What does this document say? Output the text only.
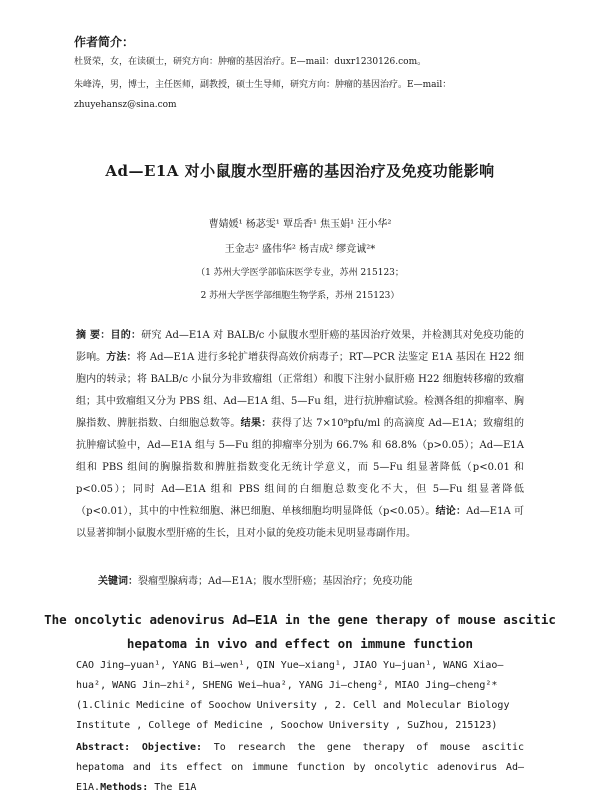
作者简介：
杜贤荣，女，在读硕士，研究方向：肿瘤的基因治疗。E—mail：duxr1230126.com。
朱峰涛，男，博士，主任医师，副教授，硕士生导师，研究方向：肿瘤的基因治疗。E—mail：
zhuyehansz@sina.com
Ad—E1A 对小鼠腹水型肝癌的基因治疗及免疫功能影响
曹婧媛¹ 杨苾雯¹ 覃岳香¹ 焦玉娟¹ 汪小华²
王金志² 盛伟华² 杨吉成² 缪竞诚²*
（1 苏州大学医学部临床医学专业，苏州 215123；
2 苏州大学医学部细胞生物学系，苏州 215123）
摘 要：目的：研究 Ad—E1A 对 BALB/c 小鼠腹水型肝癌的基因治疗效果，并检测其对免疫功能的影响。方法：将 Ad—E1A 进行多轮扩增获得高效价病毒子；RT—PCR 法鉴定 E1A 基因在 H22 细胞内的转录；将 BALB/c 小鼠分为非致瘤组（正常组）和腹下注射小鼠肝癌 H22 细胞转移瘤的致瘤组；其中致瘤组又分为 PBS 组、Ad—E1A 组、5—Fu 组，进行抗肿瘤试验。检测各组的抑瘤率、胸腺指数、脾脏指数、白细胞总数等。结果：获得了达 7×10⁹pfu/ml 的高滴度 Ad—E1A；致瘤组的抗肿瘤试验中，Ad—E1A 组与 5—Fu 组的抑瘤率分别为 66.7% 和 68.8%（p>0.05）；Ad—E1A 组和 PBS 组间的胸腺指数和脾脏指数变化无统计学意义，而 5—Fu 组显著降低（p<0.01 和 p<0.05）；同时 Ad—E1A 组和 PBS 组间的白细胞总数变化不大，但 5—Fu 组显著降低（p<0.01），其中的中性粒细胞、淋巴细胞、单核细胞均明显降低（p<0.05）。结论：Ad—E1A 可以显著抑制小鼠腹水型肝癌的生长，且对小鼠的免疫功能未见明显毒副作用。
关键词：裂瘤型腺病毒；Ad—E1A；腹水型肝癌；基因治疗；免疫功能
The oncolytic adenovirus Ad—E1A in the gene therapy of mouse ascitic
hepatoma in vivo and effect on immune function
CAO Jing—yuan¹, YANG Bi—wen¹, QIN Yue—xiang¹, JIAO Yu—juan¹, WANG Xiao—
hua², WANG Jin—zhi², SHENG Wei—hua², YANG Ji—cheng², MIAO Jing—cheng²*
(1.Clinic Medicine of Soochow University , 2. Cell and Molecular Biology
Institute , College of Medicine , Soochow University , SuZhou, 215123)
Abstract: Objective: To research the gene therapy of mouse ascitic hepatoma and its effect on immune function by oncolytic adenovirus Ad—E1A.Methods: The E1A
